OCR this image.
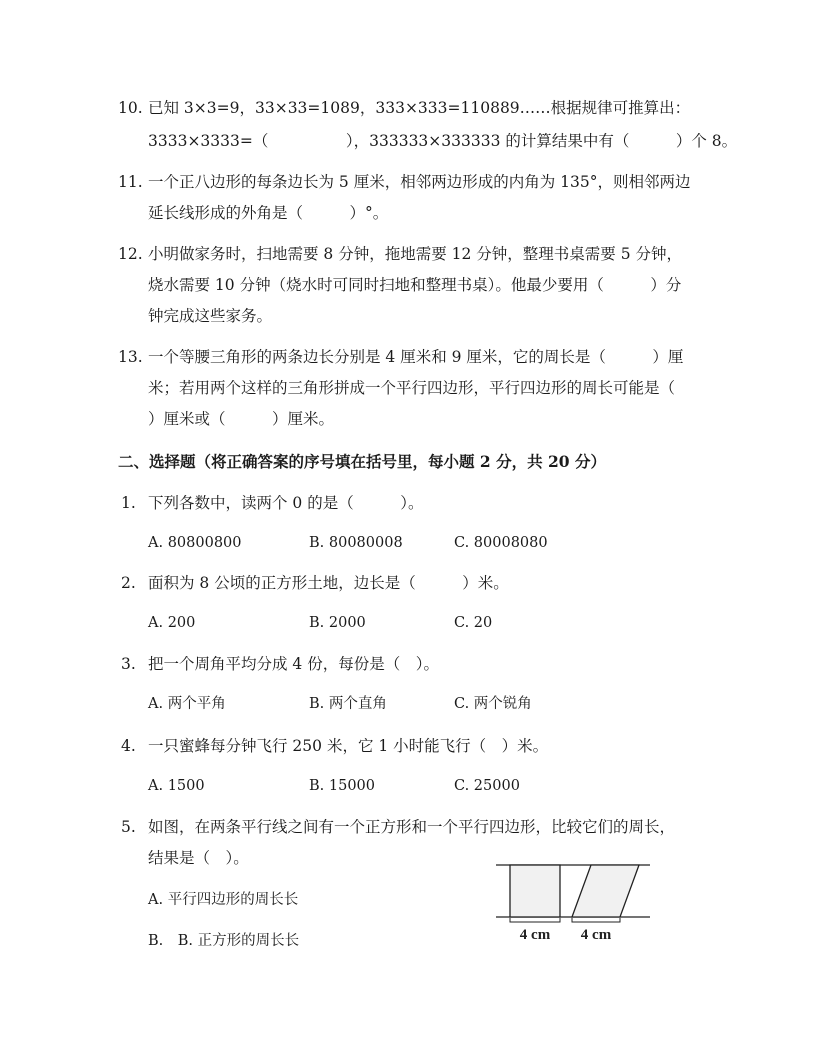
10. 已知 3×3=9，33×33=1089，333×333=110889……根据规律可推算出：
3333×3333=（　　　　　），333333×333333 的计算结果中有（　　　）个 8。
11. 一个正八边形的每条边长为 5 厘米，相邻两边形成的内角为 135°，则相邻两边
延长线形成的外角是（　　　）°。
12. 小明做家务时，扫地需要 8 分钟，拖地需要 12 分钟，整理书桌需要 5 分钟，
烧水需要 10 分钟（烧水时可同时扫地和整理书桌）。他最少要用（　　　）分
钟完成这些家务。
13. 一个等腰三角形的两条边长分别是 4 厘米和 9 厘米，它的周长是（　　　）厘
米；若用两个这样的三角形拼成一个平行四边形，平行四边形的周长可能是（
）厘米或（　　　）厘米。
二、选择题（将正确答案的序号填在括号里，每小题 2 分，共 20 分）
1. 下列各数中，读两个 0 的是（　　　）。
A. 80800800	B. 80080008	C. 80008080
2. 面积为 8 公顷的正方形土地，边长是（　　　）米。
A. 200	B. 2000	C. 20
3. 把一个周角平均分成 4 份，每份是（　）。
A. 两个平角	B. 两个直角	C. 两个锐角
4. 一只蜜蜂每分钟飞行 250 米，它 1 小时能飞行（　）米。
A. 1500	B. 15000	C. 25000
5. 如图，在两条平行线之间有一个正方形和一个平行四边形，比较它们的周长，
结果是（　）。
A. 平行四边形的周长长
B.　B. 正方形的周长长	4 cm 4 cm
